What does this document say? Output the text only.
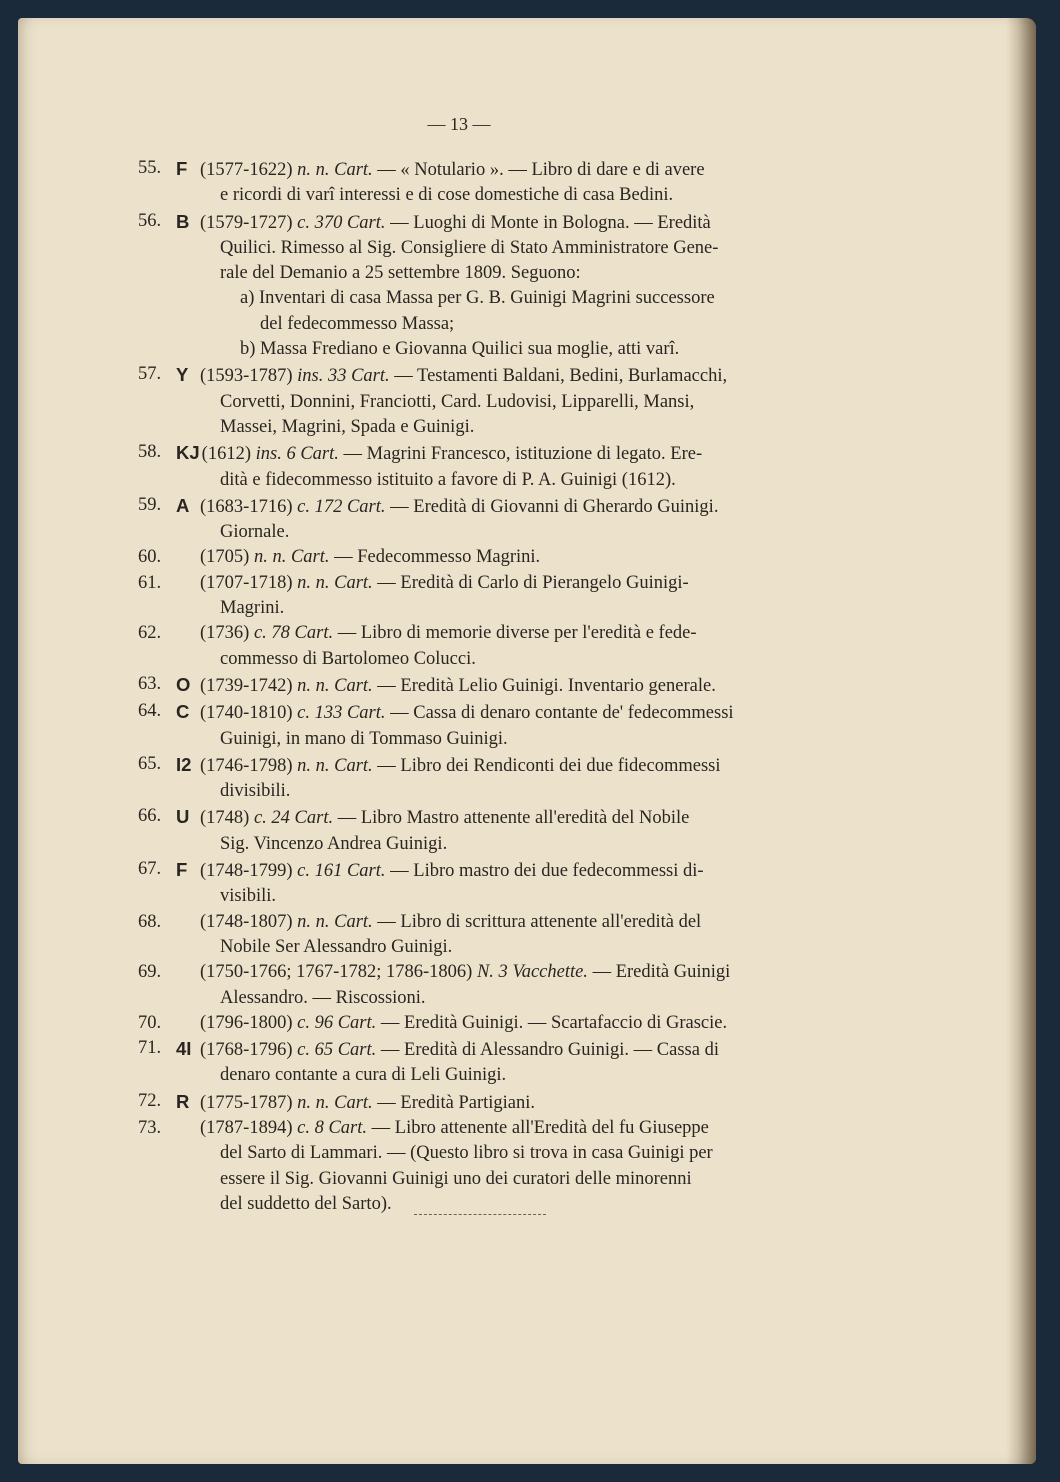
— 13 —
55. F (1577-1622) n. n. Cart. — « Notulario ». — Libro di dare e di avere
e ricordi di varî interessi e di cose domestiche di casa Bedini.
56. B (1579-1727) c. 370 Cart. — Luoghi di Monte in Bologna. — Eredità
Quilici. Rimesso al Sig. Consigliere di Stato Amministratore Gene-
rale del Demanio a 25 settembre 1809. Seguono:
a) Inventari di casa Massa per G. B. Guinigi Magrini successore
del fedecommesso Massa;
b) Massa Frediano e Giovanna Quilici sua moglie, atti varî.
57. Y (1593-1787) ins. 33 Cart. — Testamenti Baldani, Bedini, Burlamacchi,
Corvetti, Donnini, Franciotti, Card. Ludovisi, Lipparelli, Mansi,
Massei, Magrini, Spada e Guinigi.
58. KJ (1612) ins. 6 Cart. — Magrini Francesco, istituzione di legato. Ere-
dità e fidecommesso istituito a favore di P. A. Guinigi (1612).
59. A (1683-1716) c. 172 Cart. — Eredità di Giovanni di Gherardo Guinigi.
Giornale.
60.	(1705) n. n. Cart. — Fedecommesso Magrini.
61.	(1707-1718) n. n. Cart. — Eredità di Carlo di Pierangelo Guinigi-
Magrini.
62.	(1736) c. 78 Cart. — Libro di memorie diverse per l'eredità e fede-
commesso di Bartolomeo Colucci.
63. O (1739-1742) n. n. Cart. — Eredità Lelio Guinigi. Inventario generale.
64. C (1740-1810) c. 133 Cart. — Cassa di denaro contante de' fedecommessi
Guinigi, in mano di Tommaso Guinigi.
65. I2 (1746-1798) n. n. Cart. — Libro dei Rendiconti dei due fidecommessi
divisibili.
66. U (1748) c. 24 Cart. — Libro Mastro attenente all'eredità del Nobile
Sig. Vincenzo Andrea Guinigi.
67. F (1748-1799) c. 161 Cart. — Libro mastro dei due fedecommessi di-
visibili.
68.	(1748-1807) n. n. Cart. — Libro di scrittura attenente all'eredità del
Nobile Ser Alessandro Guinigi.
69.	(1750-1766; 1767-1782; 1786-1806) N. 3 Vacchette. — Eredità Guinigi
Alessandro. — Riscossioni.
70.	(1796-1800) c. 96 Cart. — Eredità Guinigi. — Scartafaccio di Grascie.
71. 4I (1768-1796) c. 65 Cart. — Eredità di Alessandro Guinigi. — Cassa di
denaro contante a cura di Leli Guinigi.
72. R (1775-1787) n. n. Cart. — Eredità Partigiani.
73.	(1787-1894) c. 8 Cart. — Libro attenente all'Eredità del fu Giuseppe
del Sarto di Lammari. — (Questo libro si trova in casa Guinigi per
essere il Sig. Giovanni Guinigi uno dei curatori delle minorenni
del suddetto del Sarto).
